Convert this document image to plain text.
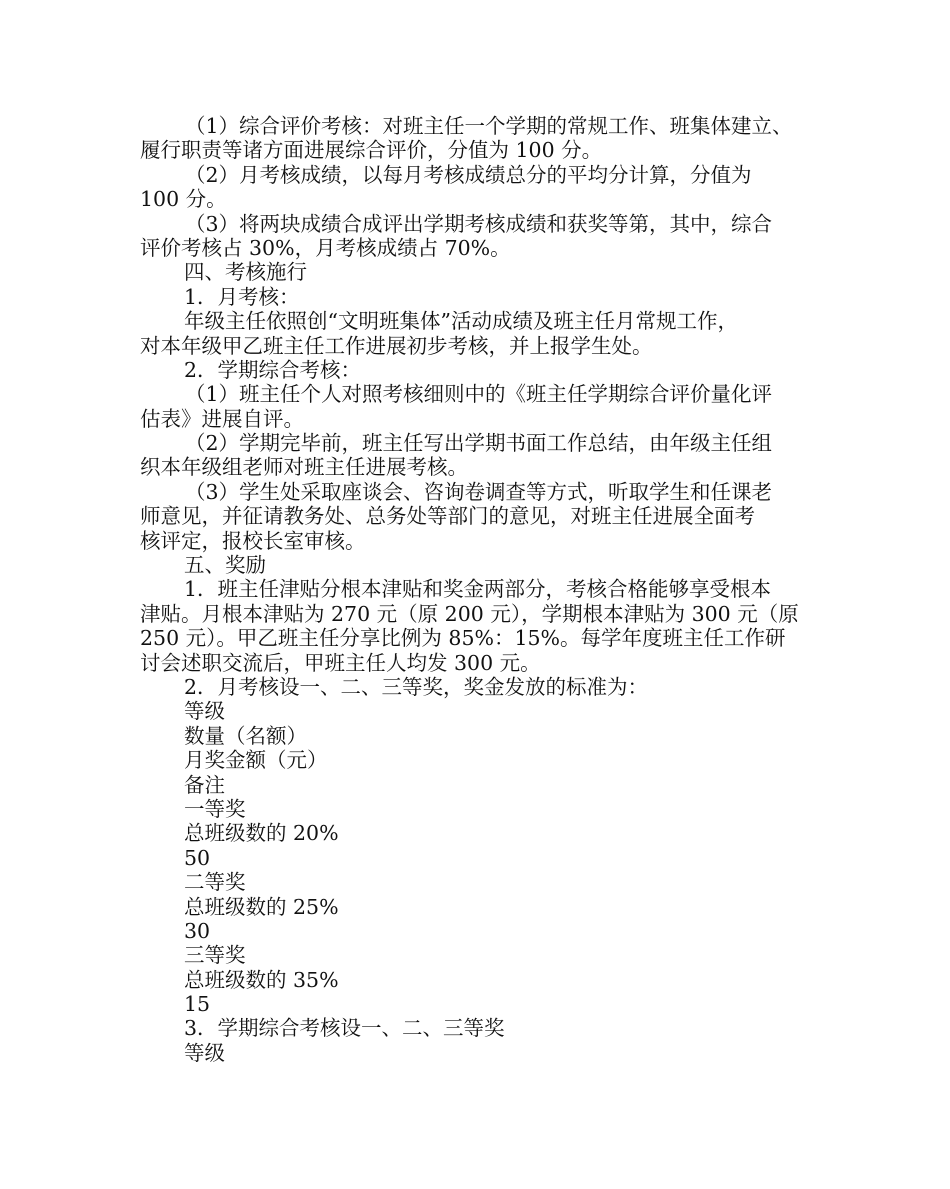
（1）综合评价考核：对班主任一个学期的常规工作、班集体建立、
履行职责等诸方面进展综合评价，分值为 100 分。
（2）月考核成绩，以每月考核成绩总分的平均分计算，分值为
100 分。
（3）将两块成绩合成评出学期考核成绩和获奖等第，其中，综合
评价考核占 30%，月考核成绩占 70%。
四、考核施行
1．月考核：
年级主任依照创“文明班集体”活动成绩及班主任月常规工作，
对本年级甲乙班主任工作进展初步考核，并上报学生处。
2．学期综合考核：
（1）班主任个人对照考核细则中的《班主任学期综合评价量化评
估表》进展自评。
（2）学期完毕前，班主任写出学期书面工作总结，由年级主任组
织本年级组老师对班主任进展考核。
（3）学生处采取座谈会、咨询卷调查等方式，听取学生和任课老
师意见，并征请教务处、总务处等部门的意见，对班主任进展全面考
核评定，报校长室审核。
五、奖励
1．班主任津贴分根本津贴和奖金两部分，考核合格能够享受根本
津贴。月根本津贴为 270 元（原 200 元），学期根本津贴为 300 元（原
250 元）。甲乙班主任分享比例为 85%：15%。每学年度班主任工作研
讨会述职交流后，甲班主任人均发 300 元。
2．月考核设一、二、三等奖，奖金发放的标准为：
等级
数量（名额）
月奖金额（元）
备注
一等奖
总班级数的 20%
50
二等奖
总班级数的 25%
30
三等奖
总班级数的 35%
15
3．学期综合考核设一、二、三等奖
等级
